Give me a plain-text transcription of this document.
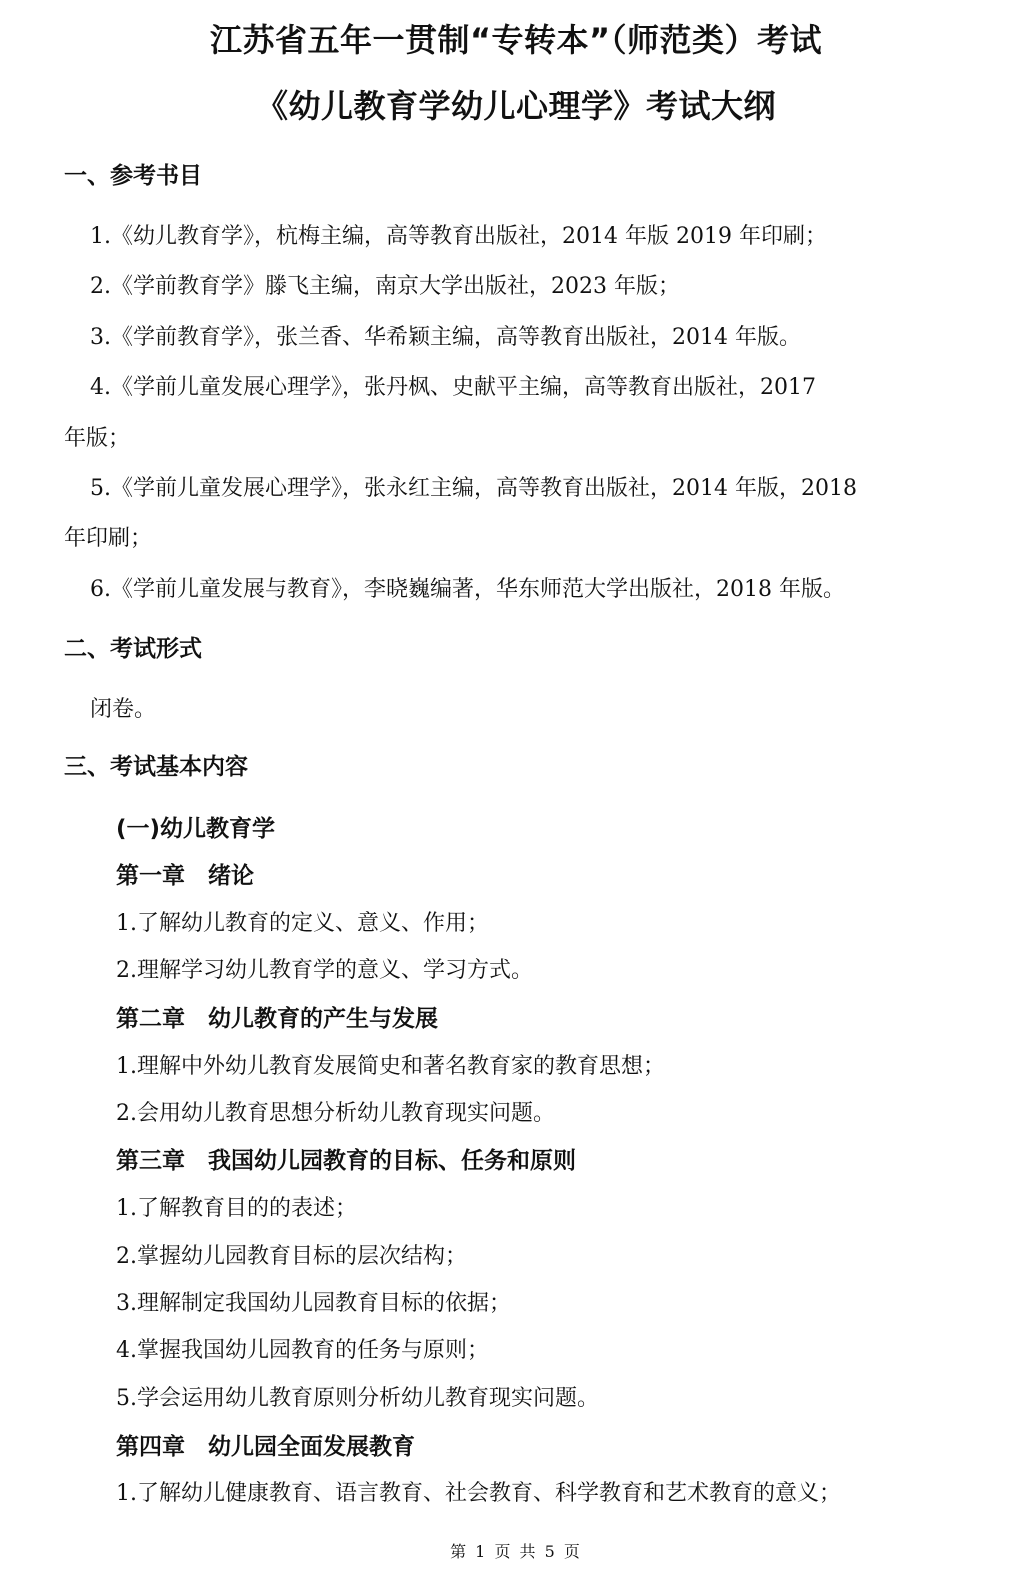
江苏省五年一贯制“专转本”（师范类）考试
《幼儿教育学幼儿心理学》考试大纲
一、参考书目
1.《幼儿教育学》，杭梅主编，高等教育出版社，2014 年版 2019 年印刷；
2.《学前教育学》滕飞主编，南京大学出版社，2023 年版；
3.《学前教育学》，张兰香、华希颖主编，高等教育出版社，2014 年版。
4.《学前儿童发展心理学》，张丹枫、史献平主编，高等教育出版社，2017
年版；
5.《学前儿童发展心理学》，张永红主编，高等教育出版社，2014 年版，2018
年印刷；
6.《学前儿童发展与教育》，李晓巍编著，华东师范大学出版社，2018 年版。
二、考试形式
闭卷。
三、考试基本内容
(一)幼儿教育学
第一章　绪论
1.了解幼儿教育的定义、意义、作用；
2.理解学习幼儿教育学的意义、学习方式。
第二章　幼儿教育的产生与发展
1.理解中外幼儿教育发展简史和著名教育家的教育思想；
2.会用幼儿教育思想分析幼儿教育现实问题。
第三章　我国幼儿园教育的目标、任务和原则
1.了解教育目的的表述；
2.掌握幼儿园教育目标的层次结构；
3.理解制定我国幼儿园教育目标的依据；
4.掌握我国幼儿园教育的任务与原则；
5.学会运用幼儿教育原则分析幼儿教育现实问题。
第四章　幼儿园全面发展教育
1.了解幼儿健康教育、语言教育、社会教育、科学教育和艺术教育的意义；
第 1 页 共 5 页
